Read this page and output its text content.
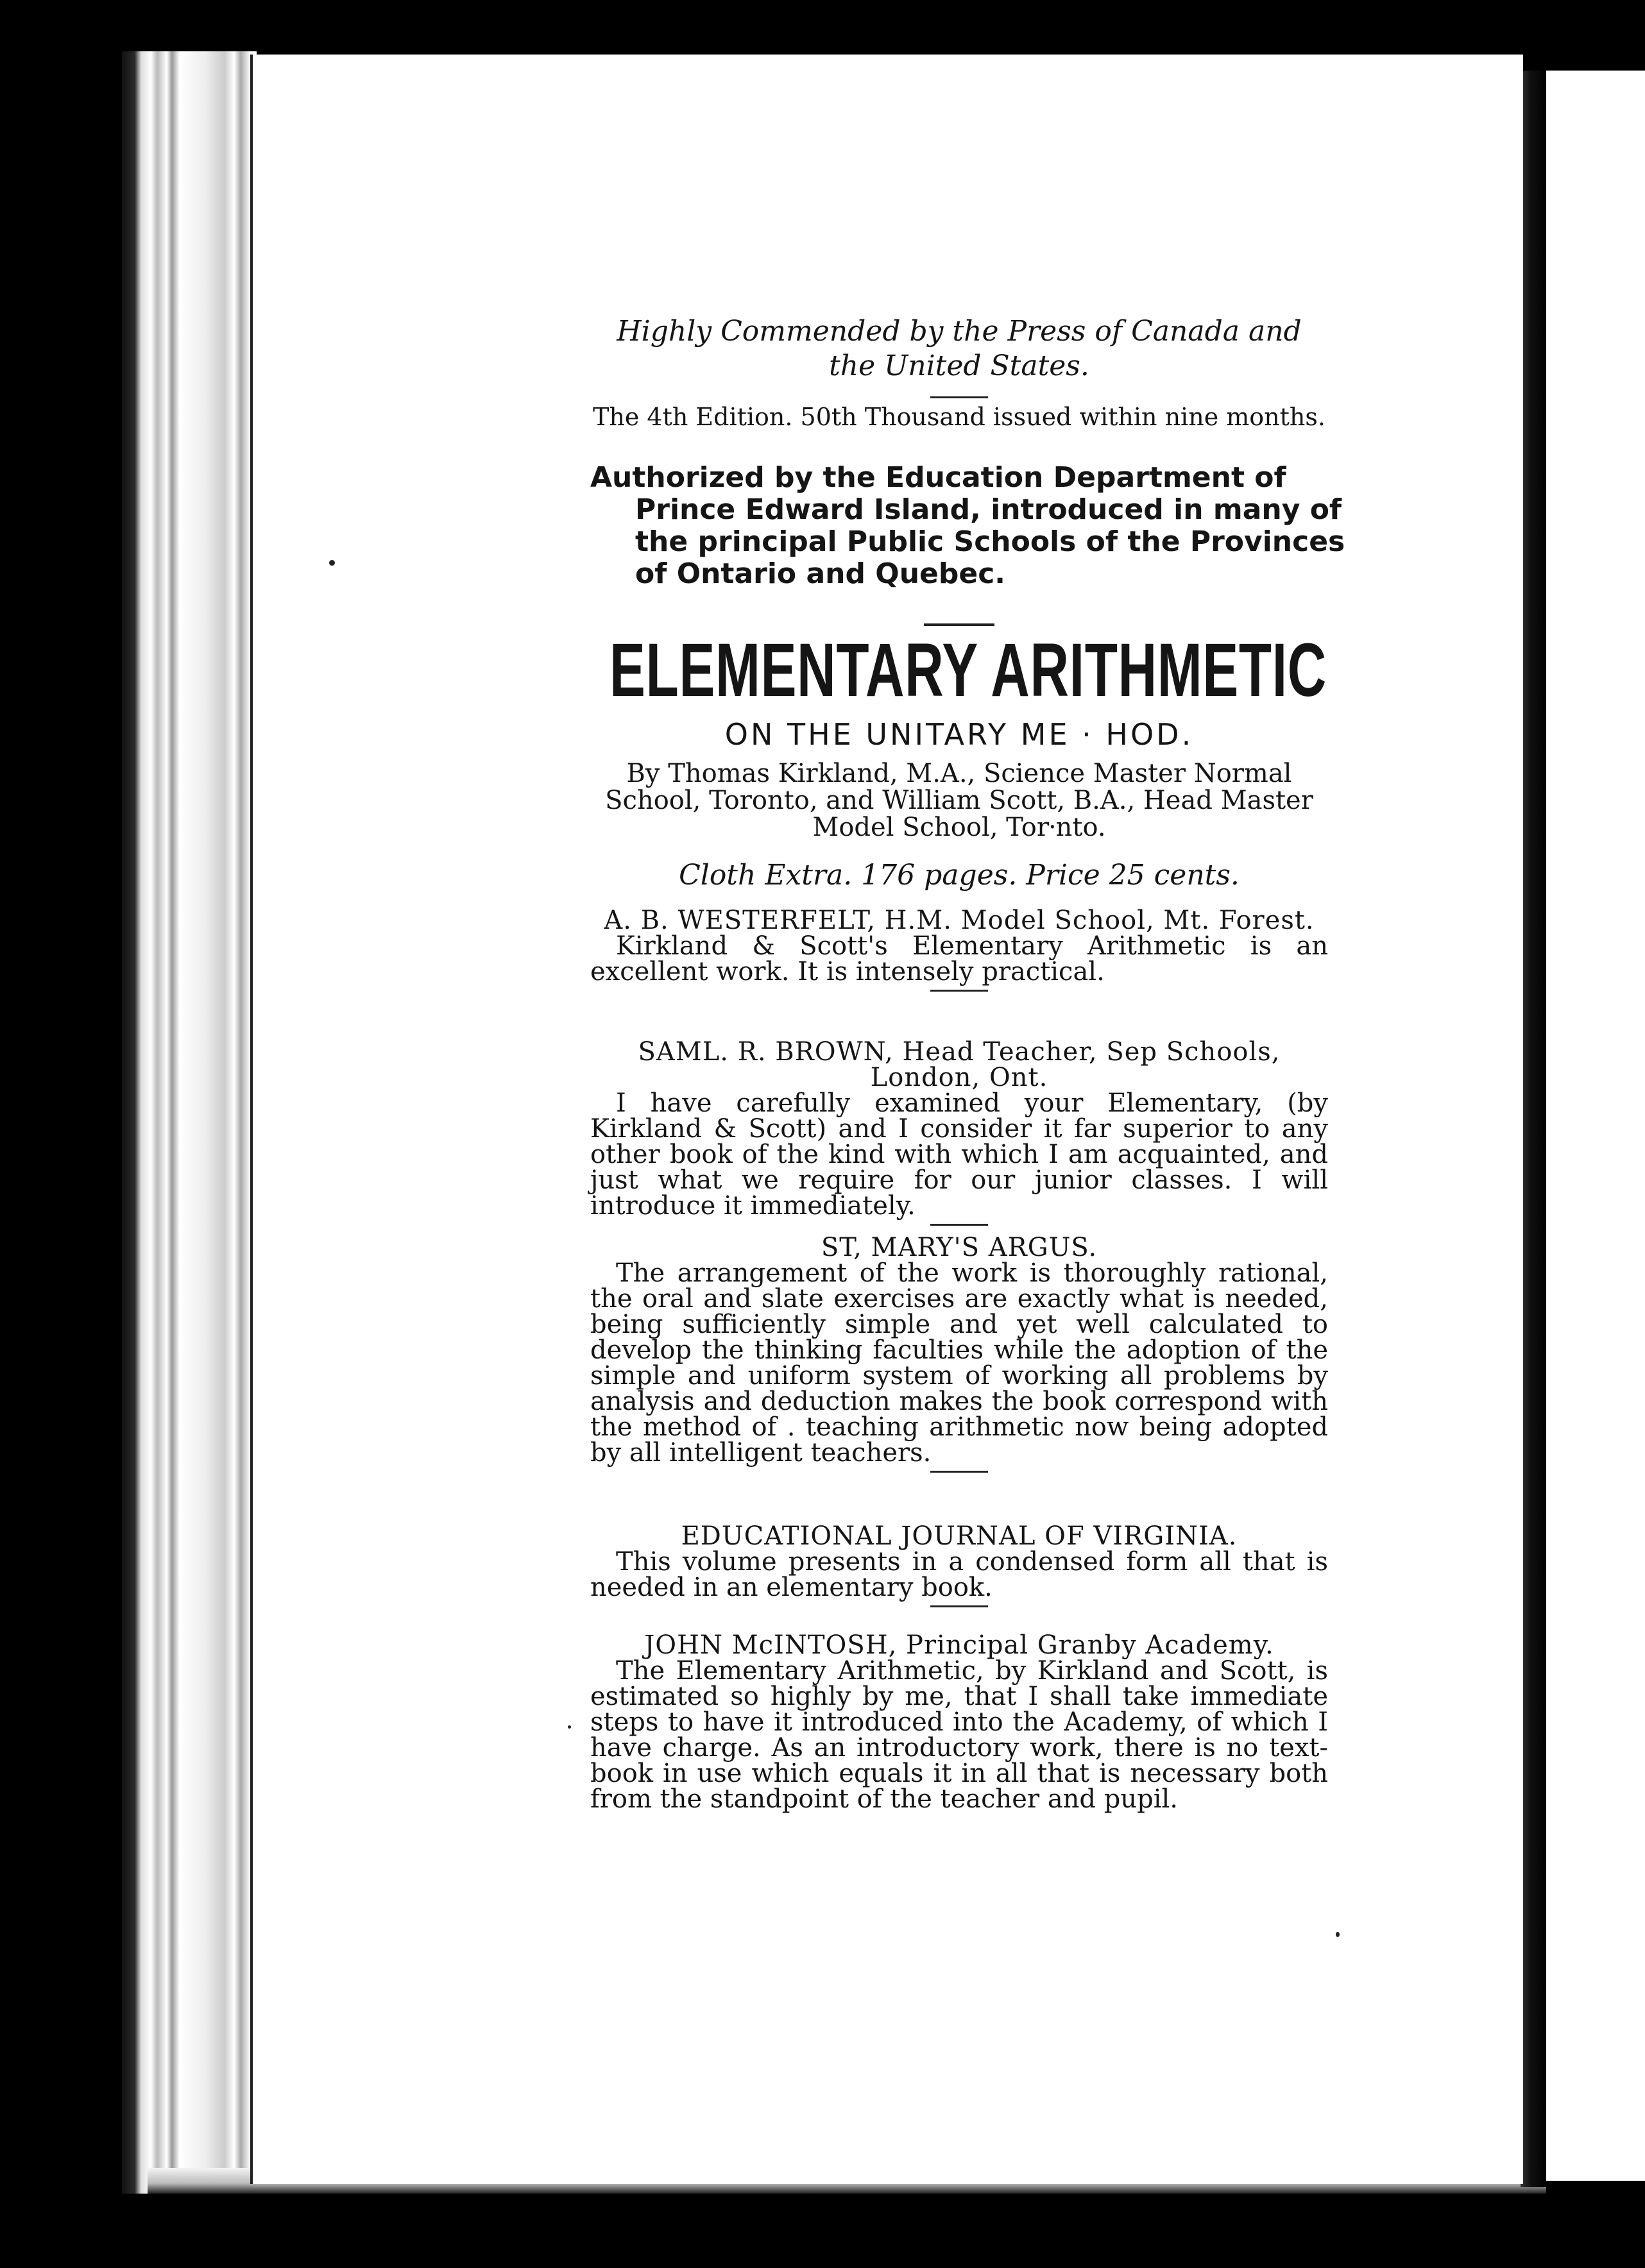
Highly Commended by the Press of Canada and the United States.
The 4th Edition. 50th Thousand issued within nine months.
Authorized by the Education Department of Prince Edward Island, introduced in many of the principal Public Schools of the Provinces of Ontario and Quebec.
ELEMENTARY ARITHMETIC
ON THE UNITARY ME · HOD.
By Thomas Kirkland, M.A., Science Master Normal School, Toronto, and William Scott, B.A., Head Master Model School, Tor⸱nto.
Cloth Extra. 176 pages. Price 25 cents.
A. B. WESTERFELT, H.M. Model School, Mt. Forest.
Kirkland & Scott's Elementary Arithmetic is an excellent work. It is intensely practical.
SAML. R. BROWN, Head Teacher, Sep Schools, London, Ont.
I have carefully examined your Elementary, (by Kirkland & Scott) and I consider it far superior to any other book of the kind with which I am acquainted, and just what we require for our junior classes. I will introduce it immediately.
ST, MARY'S ARGUS.
The arrangement of the work is thoroughly rational, the oral and slate exercises are exactly what is needed, being sufficiently simple and yet well calculated to develop the thinking faculties while the adoption of the simple and uniform system of working all problems by analysis and deduction makes the book correspond with the method of . teaching arithmetic now being adopted by all intelligent teachers.
EDUCATIONAL JOURNAL OF VIRGINIA.
This volume presents in a condensed form all that is needed in an elementary book.
JOHN McINTOSH, Principal Granby Academy.
The Elementary Arithmetic, by Kirkland and Scott, is estimated so highly by me, that I shall take immediate steps to have it introduced into the Academy, of which I have charge. As an introductory work, there is no text-book in use which equals it in all that is necessary both from the standpoint of the teacher and pupil.
